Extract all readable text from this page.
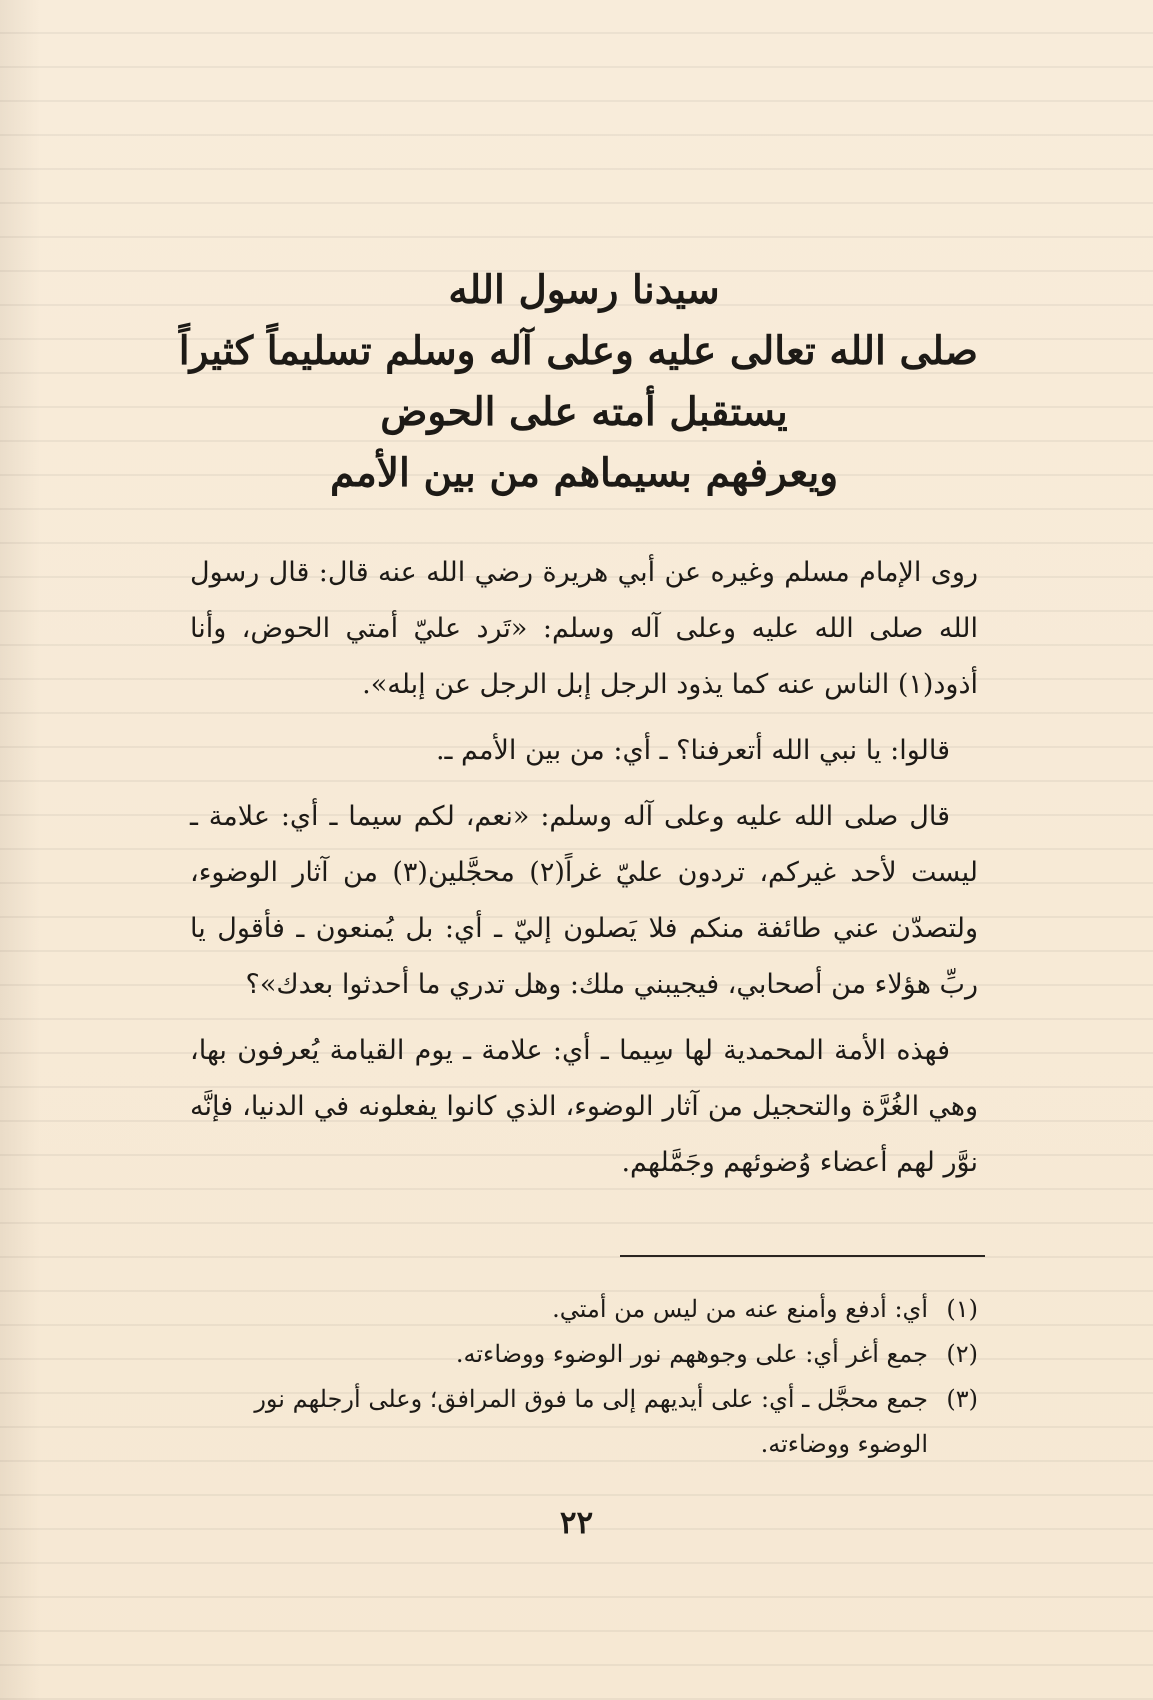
سيدنا رسول الله
صلى الله تعالى عليه وعلى آله وسلم تسليماً كثيراً
يستقبل أمته على الحوض
ويعرفهم بسيماهم من بين الأمم

روى الإمام مسلم وغيره عن أبي هريرة رضي الله عنه قال: قال رسول الله صلى الله عليه وعلى آله وسلم: «تَرد عليّ أمتي الحوض، وأنا أذود(١) الناس عنه كما يذود الرجل إبل الرجل عن إبله».

قالوا: يا نبي الله أتعرفنا؟ ـ أي: من بين الأمم ـ.

قال صلى الله عليه وعلى آله وسلم: «نعم، لكم سيما ـ أي: علامة ـ ليست لأحد غيركم، تردون عليّ غراً(٢) محجَّلين(٣) من آثار الوضوء، ولتصدّن عني طائفة منكم فلا يَصلون إليّ ـ أي: بل يُمنعون ـ فأقول يا ربِّ هؤلاء من أصحابي، فيجيبني ملك: وهل تدري ما أحدثوا بعدك»؟

فهذه الأمة المحمدية لها سِيما ـ أي: علامة ـ يوم القيامة يُعرفون بها، وهي الغُرَّة والتحجيل من آثار الوضوء، الذي كانوا يفعلونه في الدنيا، فإنَّه نوَّر لهم أعضاء وُضوئهم وجَمَّلهم.

(١)
أي: أدفع وأمنع عنه من ليس من أمتي.
(٢)
جمع أغر أي: على وجوههم نور الوضوء ووضاءته.
(٣)
جمع محجَّل ـ أي: على أيديهم إلى ما فوق المرافق؛ وعلى أرجلهم نور الوضوء ووضاءته.
٢٢
